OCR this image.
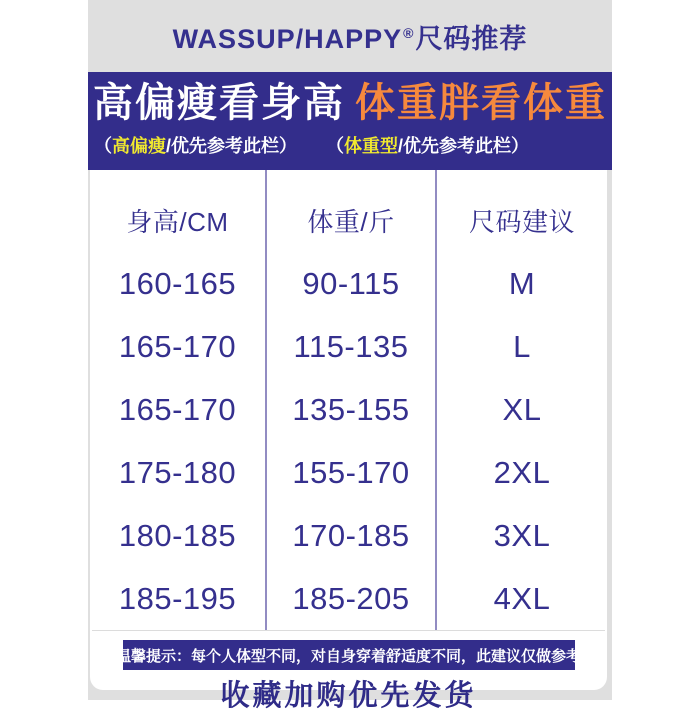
WASSUP/HAPPY®尺码推荐
高偏瘦看身高 体重胖看体重
（高偏瘦/优先参考此栏） （体重型/优先参考此栏）
身高/CM	体重/斤	尺码建议
160-165	90-115	M
165-170	115-135	L
165-170	135-155	XL
175-180	155-170	2XL
180-185	170-185	3XL
185-195	185-205	4XL
温馨提示：每个人体型不同，对自身穿着舒适度不同，此建议仅做参考
收藏加购优先发货
